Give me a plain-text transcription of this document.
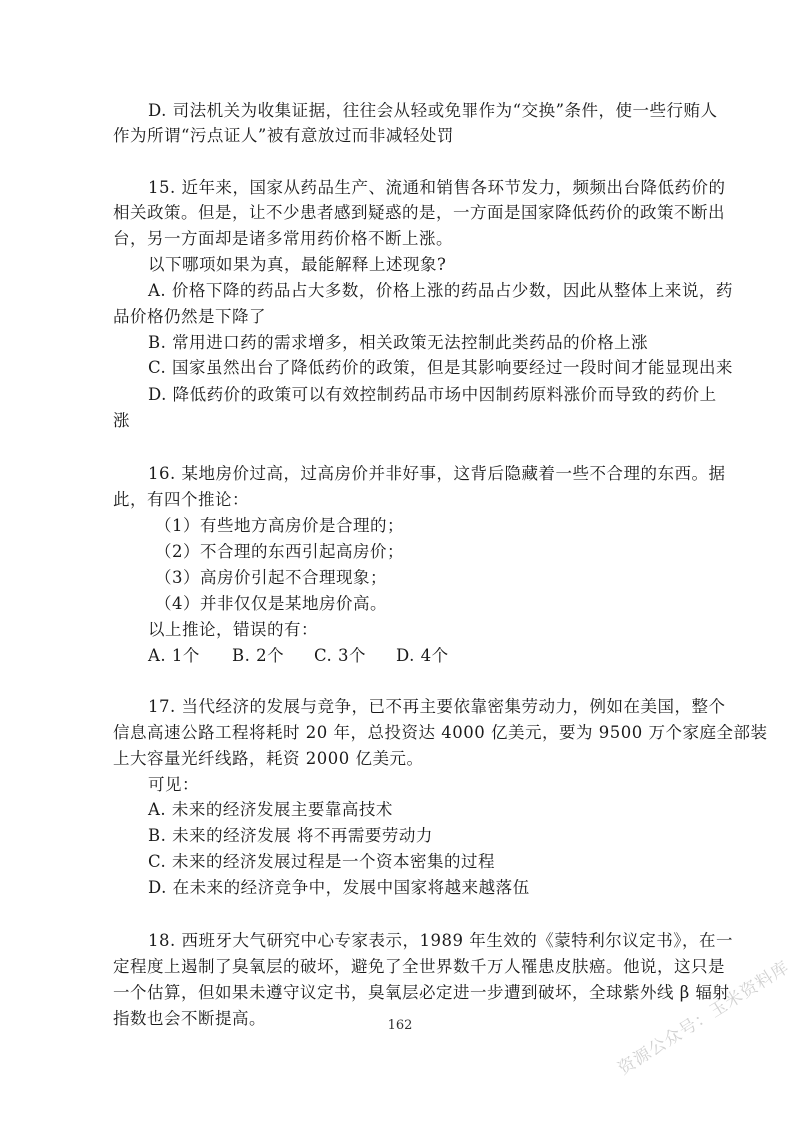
D. 司法机关为收集证据，往往会从轻或免罪作为“交换”条件，使一些行贿人

作为所谓“污点证人”被有意放过而非减轻处罚

15. 近年来，国家从药品生产、流通和销售各环节发力，频频出台降低药价的

相关政策。但是，让不少患者感到疑惑的是，一方面是国家降低药价的政策不断出

台，另一方面却是诸多常用药价格不断上涨。

以下哪项如果为真，最能解释上述现象?

A. 价格下降的药品占大多数，价格上涨的药品占少数，因此从整体上来说，药

品价格仍然是下降了

B. 常用进口药的需求增多，相关政策无法控制此类药品的价格上涨

C. 国家虽然出台了降低药价的政策，但是其影响要经过一段时间才能显现出来

D. 降低药价的政策可以有效控制药品市场中因制药原料涨价而导致的药价上

涨

16. 某地房价过高，过高房价并非好事，这背后隐藏着一些不合理的东西。据

此，有四个推论：

（1）有些地方高房价是合理的；

（2）不合理的东西引起高房价；

（3）高房价引起不合理现象；

（4）并非仅仅是某地房价高。

以上推论，错误的有：

A. 1个 B. 2个 C. 3个 D. 4个

17. 当代经济的发展与竞争，已不再主要依靠密集劳动力，例如在美国，整个

信息高速公路工程将耗时 20 年，总投资达 4000 亿美元，要为 9500 万个家庭全部装

上大容量光纤线路，耗资 2000 亿美元。

可见：

A. 未来的经济发展主要靠高技术

B. 未来的经济发展 将不再需要劳动力

C. 未来的经济发展过程是一个资本密集的过程

D. 在未来的经济竞争中，发展中国家将越来越落伍

18. 西班牙大气研究中心专家表示，1989 年生效的《蒙特利尔议定书》，在一

定程度上遏制了臭氧层的破坏，避免了全世界数千万人罹患皮肤癌。他说，这只是

一个估算，但如果未遵守议定书，臭氧层必定进一步遭到破坏，全球紫外线 β 辐射

指数也会不断提高。	162	资源公众号：玉米资料库
